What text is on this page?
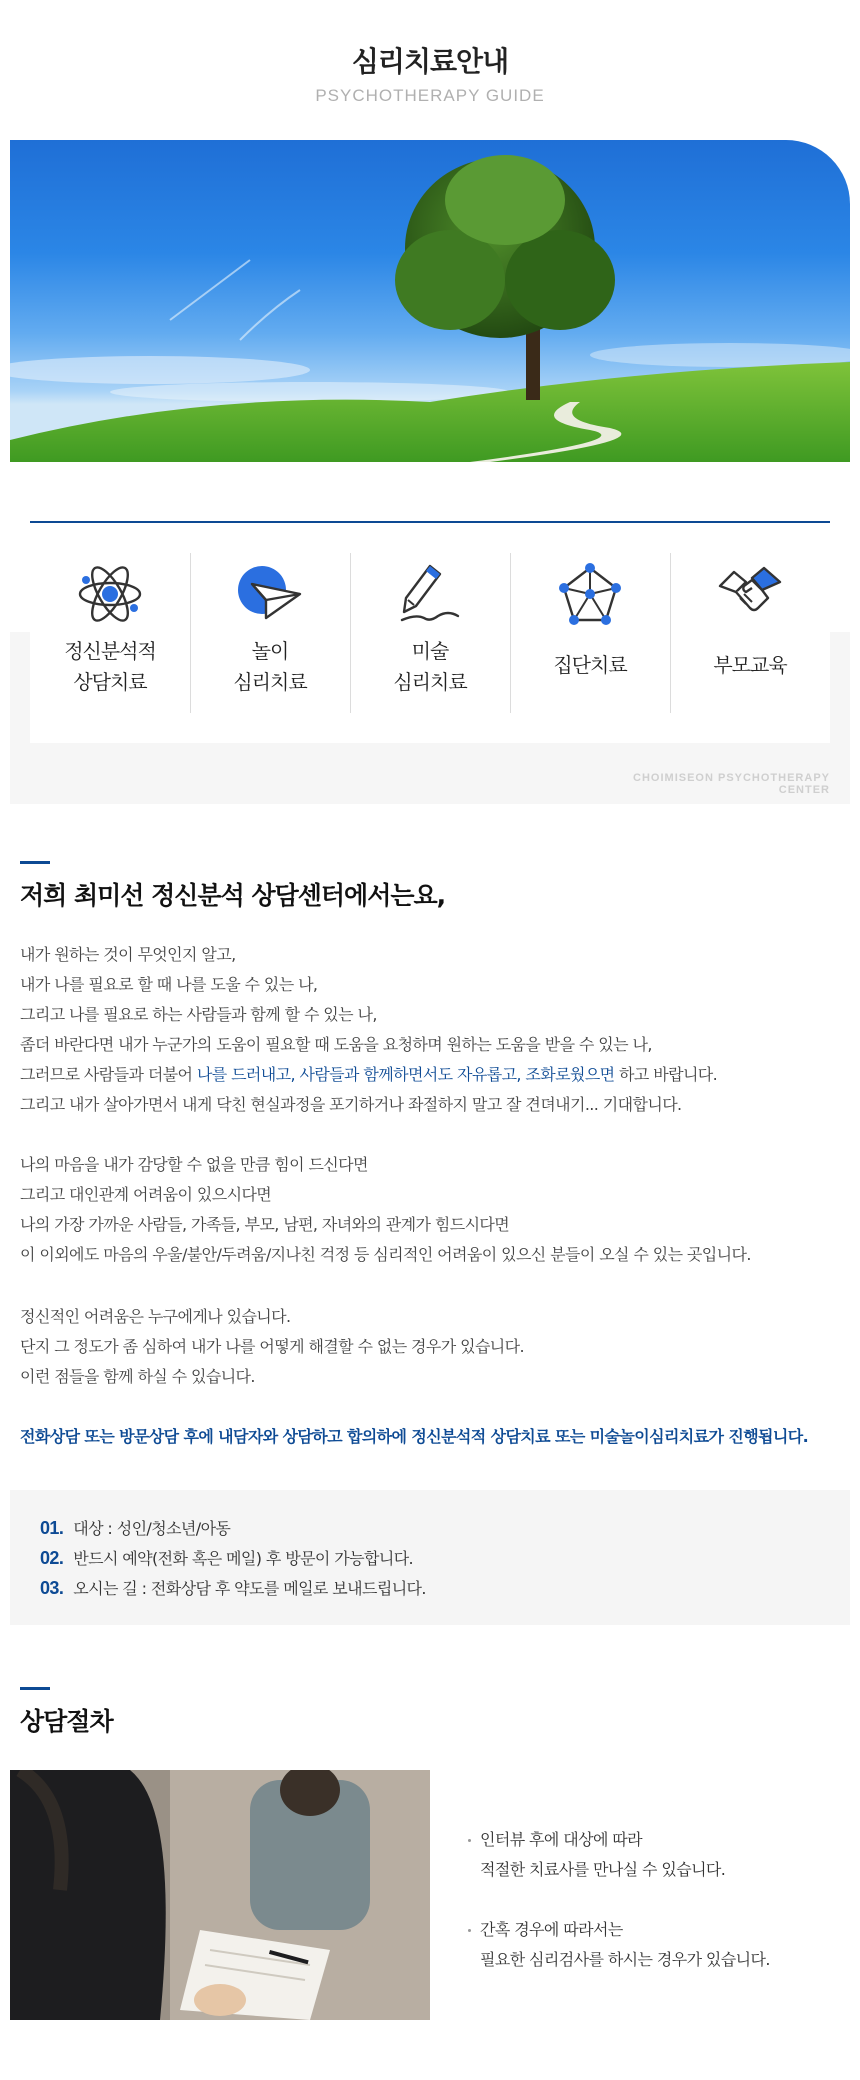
심리치료안내
PSYCHOTHERAPY GUIDE
정신분석적
상담치료
놀이
심리치료
미술
심리치료
집단치료	부모교육
CHOIMISEON PSYCHOTHERAPY CENTER
저희 최미선 정신분석 상담센터에서는요,
내가 원하는 것이 무엇인지 알고,
내가 나를 필요로 할 때 나를 도울 수 있는 나,
그리고 나를 필요로 하는 사람들과 함께 할 수 있는 나,
좀더 바란다면 내가 누군가의 도움이 필요할 때 도움을 요청하며 원하는 도움을 받을 수 있는 나,
그러므로 사람들과 더불어 나를 드러내고, 사람들과 함께하면서도 자유롭고, 조화로웠으면 하고 바랍니다.
그리고 내가 살아가면서 내게 닥친 현실과정을 포기하거나 좌절하지 말고 잘 견뎌내기... 기대합니다.
나의 마음을 내가 감당할 수 없을 만큼 힘이 드신다면
그리고 대인관계 어려움이 있으시다면
나의 가장 가까운 사람들, 가족들, 부모, 남편, 자녀와의 관계가 힘드시다면
이 이외에도 마음의 우울/불안/두려움/지나친 걱정 등 심리적인 어려움이 있으신 분들이 오실 수 있는 곳입니다.
정신적인 어려움은 누구에게나 있습니다.
단지 그 정도가 좀 심하여 내가 나를 어떻게 해결할 수 없는 경우가 있습니다.
이런 점들을 함께 하실 수 있습니다.
전화상담 또는 방문상담 후에 내담자와 상담하고 합의하에 정신분석적 상담치료 또는 미술놀이심리치료가 진행됩니다.
01. 대상 : 성인/청소년/아동
02. 반드시 예약(전화 혹은 메일) 후 방문이 가능합니다.
03. 오시는 길 : 전화상담 후 약도를 메일로 보내드립니다.
상담절차
인터뷰 후에 대상에 따라
적절한 치료사를 만나실 수 있습니다.
간혹 경우에 따라서는
필요한 심리검사를 하시는 경우가 있습니다.
